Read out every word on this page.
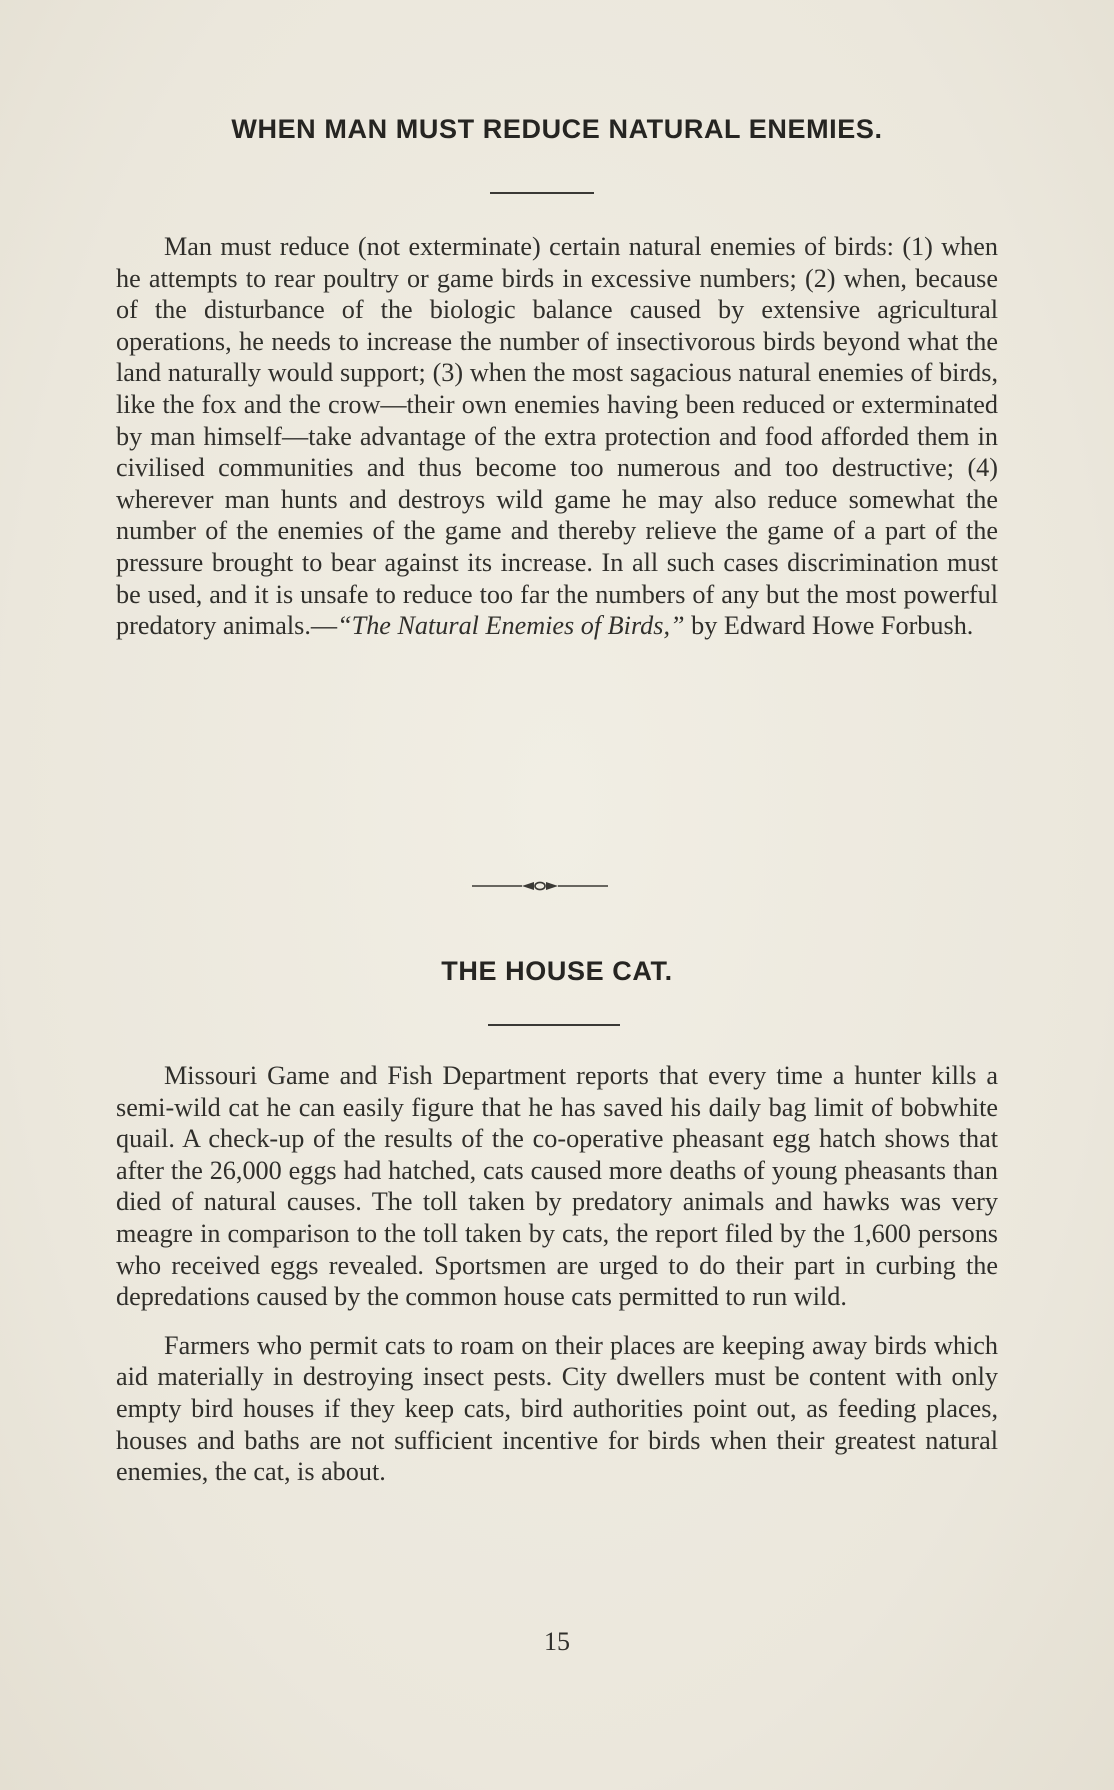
WHEN MAN MUST REDUCE NATURAL ENEMIES.

Man must reduce (not exterminate) certain natural enemies of birds: (1) when he attempts to rear poultry or game birds in excessive numbers; (2) when, because of the disturbance of the biologic balance caused by extensive agricultural operations, he needs to increase the number of insectivorous birds beyond what the land naturally would support; (3) when the most sagacious natural enemies of birds, like the fox and the crow—their own enemies having been reduced or exterminated by man himself—take advantage of the extra protection and food afforded them in civilised communities and thus become too numerous and too destructive; (4) wherever man hunts and destroys wild game he may also reduce somewhat the number of the enemies of the game and thereby relieve the game of a part of the pressure brought to bear against its increase. In all such cases discrimination must be used, and it is unsafe to reduce too far the numbers of any but the most powerful predatory animals.—“The Natural Enemies of Birds,” by Edward Howe Forbush.

THE HOUSE CAT.

Missouri Game and Fish Department reports that every time a hunter kills a semi-wild cat he can easily figure that he has saved his daily bag limit of bobwhite quail. A check-up of the results of the co-operative pheasant egg hatch shows that after the 26,000 eggs had hatched, cats caused more deaths of young pheasants than died of natural causes. The toll taken by predatory animals and hawks was very meagre in comparison to the toll taken by cats, the report filed by the 1,600 persons who received eggs revealed. Sportsmen are urged to do their part in curbing the depredations caused by the common house cats permitted to run wild.

Farmers who permit cats to roam on their places are keeping away birds which aid materially in destroying insect pests. City dwellers must be content with only empty bird houses if they keep cats, bird authorities point out, as feeding places, houses and baths are not sufficient incentive for birds when their greatest natural enemies, the cat, is about.

15
